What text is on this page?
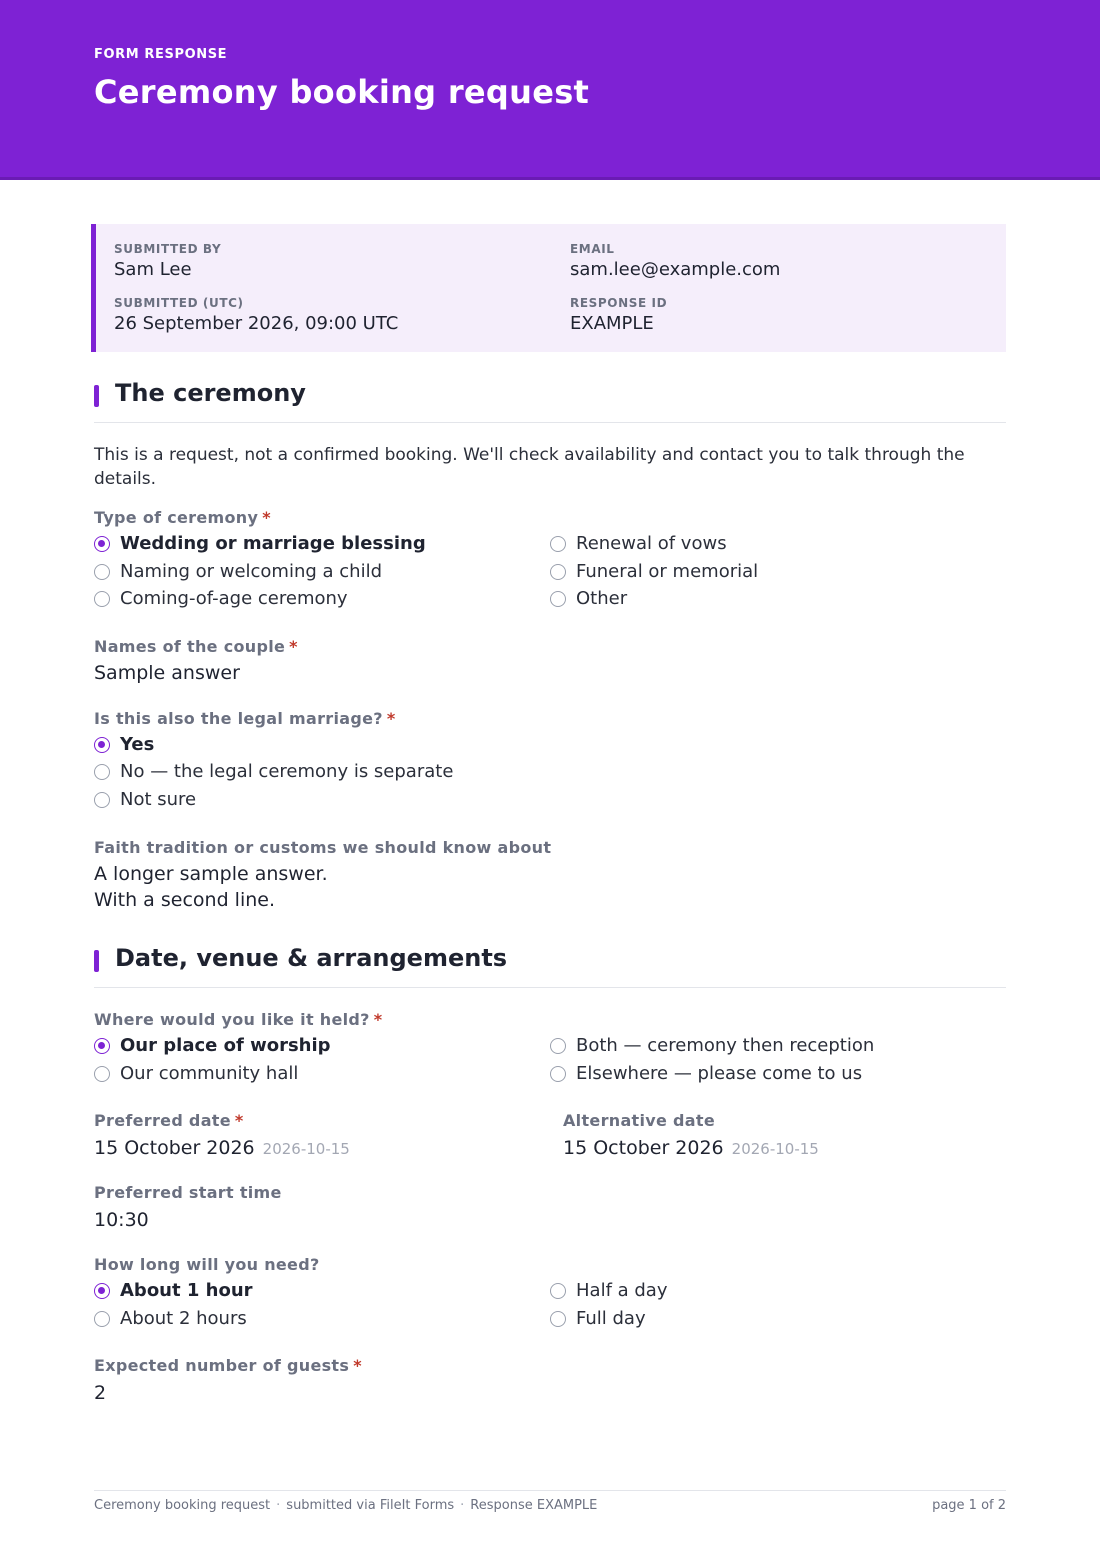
FORM RESPONSE
Ceremony booking request
SUBMITTED BY
Sam Lee
EMAIL
sam.lee@example.com
SUBMITTED (UTC)
26 September 2026, 09:00 UTC
RESPONSE ID
EXAMPLE
The ceremony
This is a request, not a confirmed booking. We'll check availability and contact you to talk through the details.
Type of ceremony *
Wedding or marriage blessing
Naming or welcoming a child
Coming-of-age ceremony
Renewal of vows
Funeral or memorial
Other
Names of the couple *
Sample answer
Is this also the legal marriage? *
Yes
No — the legal ceremony is separate
Not sure
Faith tradition or customs we should know about
A longer sample answer.
With a second line.
Date, venue & arrangements
Where would you like it held? *
Our place of worship
Our community hall
Both — ceremony then reception
Elsewhere — please come to us
Preferred date *
15 October 2026 2026-10-15
Alternative date
15 October 2026 2026-10-15
Preferred start time
10:30
How long will you need?
About 1 hour
About 2 hours
Half a day
Full day
Expected number of guests *
2
Ceremony booking request · submitted via FileIt Forms · Response EXAMPLE	page 1 of 2
